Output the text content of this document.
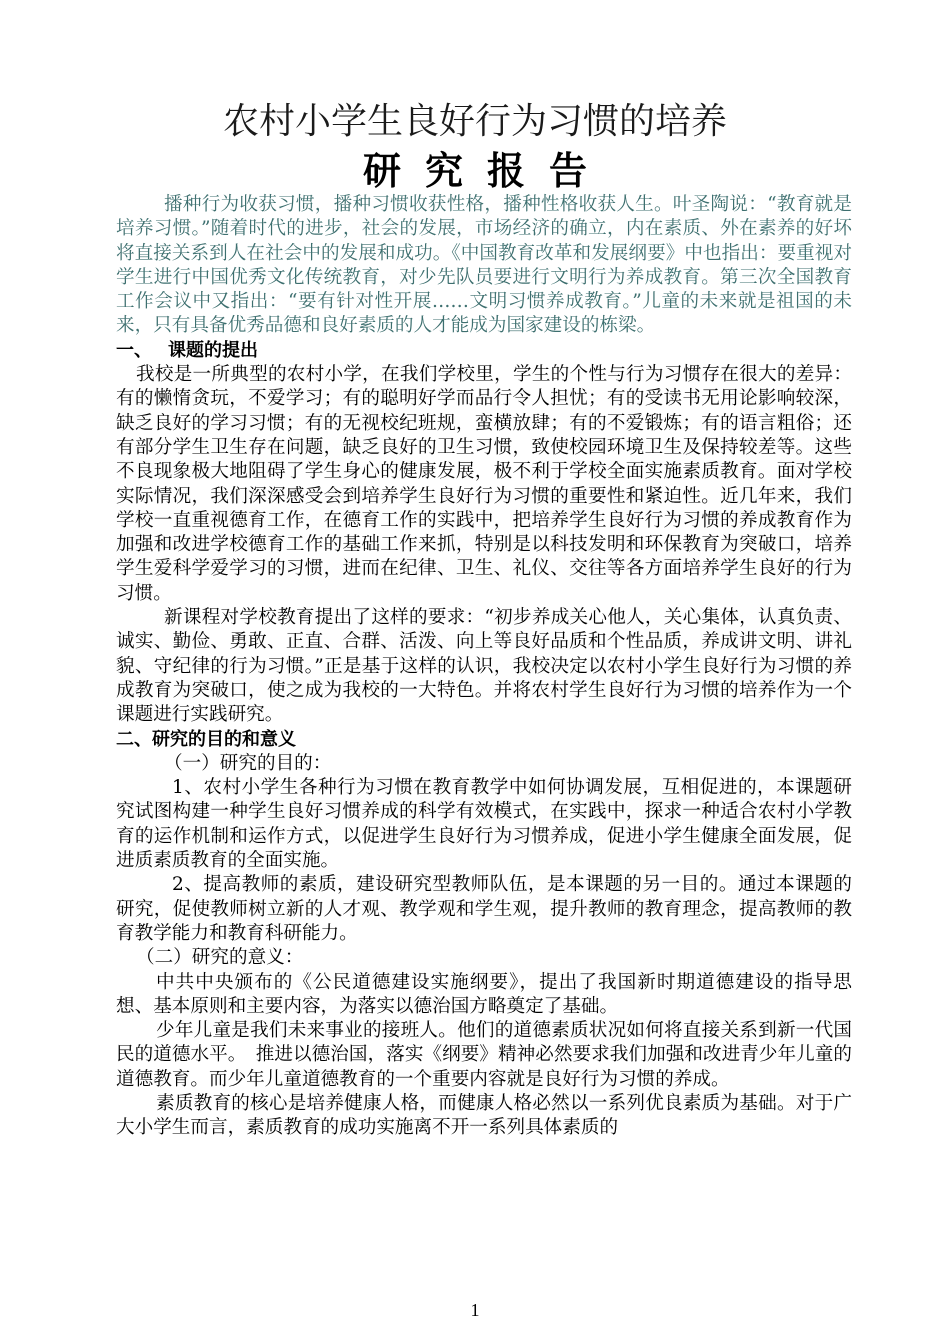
农村小学生良好行为习惯的培养
研究报告

播种行为收获习惯，播种习惯收获性格，播种性格收获人生。叶圣陶说：“教育就是培养习惯。”随着时代的进步，社会的发展，市场经济的确立，内在素质、外在素养的好坏将直接关系到人在社会中的发展和成功。《中国教育改革和发展纲要》中也指出：要重视对学生进行中国优秀文化传统教育，对少先队员要进行文明行为养成教育。第三次全国教育工作会议中又指出：“要有针对性开展……文明习惯养成教育。”儿童的未来就是祖国的未来，只有具备优秀品德和良好素质的人才能成为国家建设的栋梁。

一、 课题的提出

我校是一所典型的农村小学，在我们学校里，学生的个性与行为习惯存在很大的差异：有的懒惰贪玩，不爱学习；有的聪明好学而品行令人担忧；有的受读书无用论影响较深，缺乏良好的学习习惯；有的无视校纪班规，蛮横放肆；有的不爱锻炼；有的语言粗俗；还有部分学生卫生存在问题，缺乏良好的卫生习惯，致使校园环境卫生及保持较差等。这些不良现象极大地阻碍了学生身心的健康发展，极不利于学校全面实施素质教育。面对学校实际情况，我们深深感受会到培养学生良好行为习惯的重要性和紧迫性。近几年来，我们学校一直重视德育工作，在德育工作的实践中，把培养学生良好行为习惯的养成教育作为加强和改进学校德育工作的基础工作来抓，特别是以科技发明和环保教育为突破口，培养学生爱科学爱学习的习惯，进而在纪律、卫生、礼仪、交往等各方面培养学生良好的行为习惯。

新课程对学校教育提出了这样的要求：“初步养成关心他人，关心集体，认真负责、诚实、勤俭、勇敢、正直、合群、活泼、向上等良好品质和个性品质，养成讲文明、讲礼貌、守纪律的行为习惯。”正是基于这样的认识，我校决定以农村小学生良好行为习惯的养成教育为突破口，使之成为我校的一大特色。并将农村学生良好行为习惯的培养作为一个课题进行实践研究。

二、研究的目的和意义

（一）研究的目的：

1、农村小学生各种行为习惯在教育教学中如何协调发展，互相促进的，本课题研究试图构建一种学生良好习惯养成的科学有效模式，在实践中，探求一种适合农村小学教育的运作机制和运作方式，以促进学生良好行为习惯养成，促进小学生健康全面发展，促进质素质教育的全面实施。

2、提高教师的素质，建设研究型教师队伍，是本课题的另一目的。通过本课题的研究，促使教师树立新的人才观、教学观和学生观，提升教师的教育理念，提高教师的教育教学能力和教育科研能力。

（二）研究的意义：

中共中央颁布的《公民道德建设实施纲要》，提出了我国新时期道德建设的指导思想、基本原则和主要内容，为落实以德治国方略奠定了基础。

少年儿童是我们未来事业的接班人。他们的道德素质状况如何将直接关系到新一代国民的道德水平。　推进以德治国，落实《纲要》精神必然要求我们加强和改进青少年儿童的道德教育。而少年儿童道德教育的一个重要内容就是良好行为习惯的养成。

素质教育的核心是培养健康人格，而健康人格必然以一系列优良素质为基础。对于广大小学生而言，素质教育的成功实施离不开一系列具体素质的

1
